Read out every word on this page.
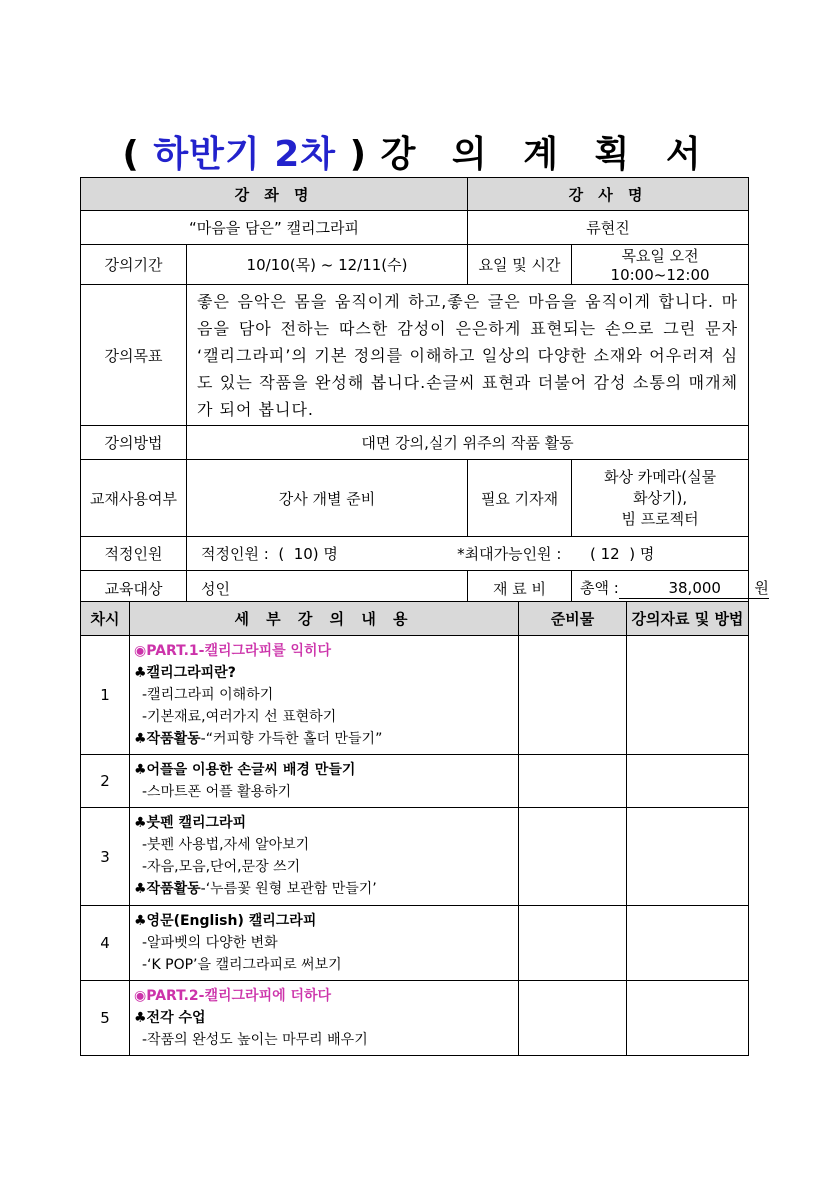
( 하반기 2차 ) 강 의 계 획 서
강 좌 명		강 사 명	
“마음을 담은” 캘리그라피		류현진	
강의기간	10/10(목) ~ 12/11(수)	요일 및 시간	목요일 오전 10:00~12:00
강의목표	좋은 음악은 몸을 움직이게 하고,좋은 글은 마음을 움직이게 합니다. 마음을 담아 전하는 따스한 감성이 은은하게 표현되는 손으로 그린 문자 ‘캘리그라피’의 기본 정의를 이해하고 일상의 다양한 소재와 어우러져 심도 있는 작품을 완성해 봅니다.손글씨 표현과 더불어 감성 소통의 매개체가 되어 봅니다.		
강의방법	대면 강의,실기 위주의 작품 활동		
교재사용여부	강사 개별 준비	필요 기자재	화상 카메라(실물
화상기),
빔 프로젝터

적정인원	적정인원 :  (  10) 명 *최대가능인원 :      ( 12  ) 명		
교육대상	성인	재 료 비	총액 : 38,000 원
차시	세 부 강 의 내 용	준비물	강의자료 및 방법
1	◉PART.1-캘리그라피를 익히다
♣캘리그라피란?
-캘리그라피 이해하기
-기본재료,여러가지 선 표현하기
♣작품활동-“커피향 가득한 홀더 만들기”		

2	♣어플을 이용한 손글씨 배경 만들기
-스마트폰 어플 활용하기		

3	♣붓펜 캘리그라피
-붓펜 사용법,자세 알아보기
-자음,모음,단어,문장 쓰기
♣작품활동-‘누름꽃 원형 보관함 만들기’		

4	♣영문(English) 캘리그라피
-알파벳의 다양한 변화
-‘K POP’을 캘리그라피로 써보기		

5	◉PART.2-캘리그라피에 더하다
♣전각 수업
-작품의 완성도 높이는 마무리 배우기		
